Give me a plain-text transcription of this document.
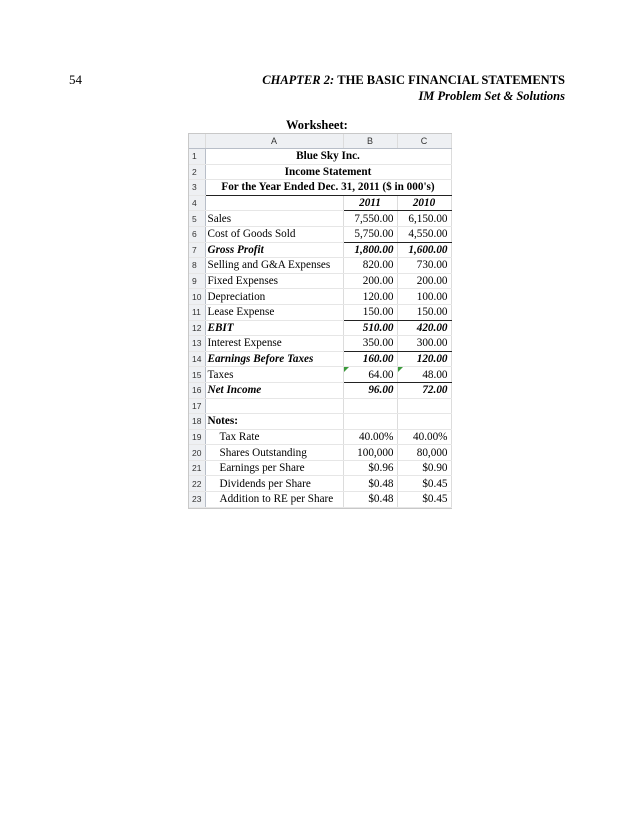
54	CHAPTER 2: THE BASIC FINANCIAL STATEMENTS
IM Problem Set & Solutions
Worksheet:
	A	B	C
1	Blue Sky Inc.		
2	Income Statement		
3	For the Year Ended Dec. 31, 2011 ($ in 000's)		
4		2011	2010
5	Sales	7,550.00	6,150.00
6	Cost of Goods Sold	5,750.00	4,550.00
7	Gross Profit	1,800.00	1,600.00
8	Selling and G&A Expenses	820.00	730.00
9	Fixed Expenses	200.00	200.00
10	Depreciation	120.00	100.00
11	Lease Expense	150.00	150.00
12	EBIT	510.00	420.00
13	Interest Expense	350.00	300.00
14	Earnings Before Taxes	160.00	120.00
15	Taxes	64.00	48.00
16	Net Income	96.00	72.00
17			
18	Notes:		
19	Tax Rate	40.00%	40.00%
20	Shares Outstanding	100,000	80,000
21	Earnings per Share	$0.96	$0.90
22	Dividends per Share	$0.48	$0.45
23	Addition to RE per Share	$0.48	$0.45
